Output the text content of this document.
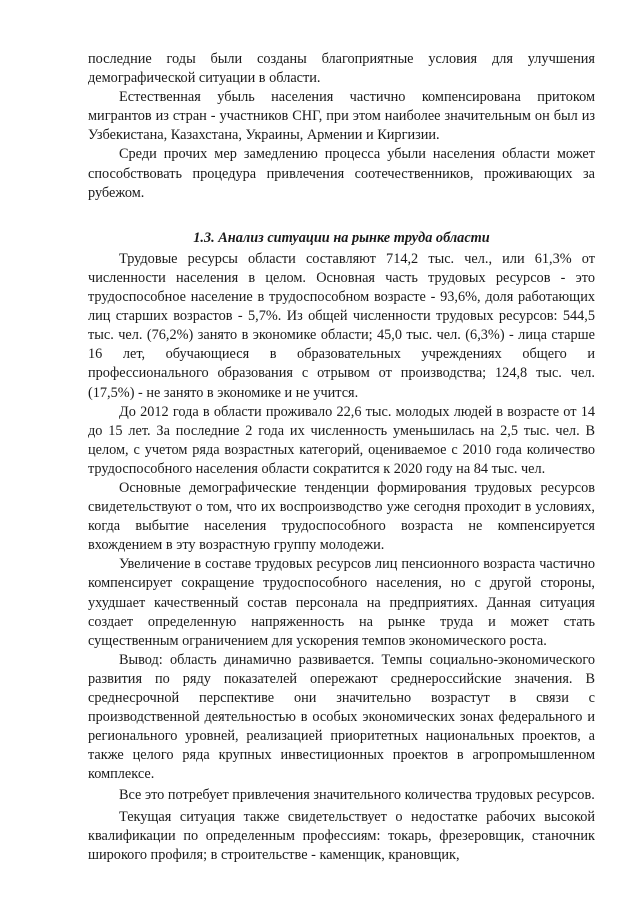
последние годы были созданы благоприятные условия для улучшения демографической ситуации в области.

Естественная убыль населения частично компенсирована притоком мигрантов из стран - участников СНГ, при этом наиболее значительным он был из Узбекистана, Казахстана, Украины, Армении и Киргизии.

Среди прочих мер замедлению процесса убыли населения области может способствовать процедура привлечения соотечественников, проживающих за рубежом.

1.3. Анализ ситуации на рынке труда области

Трудовые ресурсы области составляют 714,2 тыс. чел., или 61,3% от численности населения в целом. Основная часть трудовых ресурсов - это трудоспособное население в трудоспособном возрасте - 93,6%, доля работающих лиц старших возрастов - 5,7%. Из общей численности трудовых ресурсов: 544,5 тыс. чел. (76,2%) занято в экономике области; 45,0 тыс. чел. (6,3%) - лица старше 16 лет, обучающиеся в образовательных учреждениях общего и профессионального образования с отрывом от производства; 124,8 тыс. чел. (17,5%) - не занято в экономике и не учится.

До 2012 года в области проживало 22,6 тыс. молодых людей в возрасте от 14 до 15 лет. За последние 2 года их численность уменьшилась на 2,5 тыс. чел. В целом, с учетом ряда возрастных категорий, оцениваемое с 2010 года количество трудоспособного населения области сократится к 2020 году на 84 тыс. чел.

Основные демографические тенденции формирования трудовых ресурсов свидетельствуют о том, что их воспроизводство уже сегодня проходит в условиях, когда выбытие населения трудоспособного возраста не компенсируется вхождением в эту возрастную группу молодежи.

Увеличение в составе трудовых ресурсов лиц пенсионного возраста частично компенсирует сокращение трудоспособного населения, но с другой стороны, ухудшает качественный состав персонала на предприятиях. Данная ситуация создает определенную напряженность на рынке труда и может стать существенным ограничением для ускорения темпов экономического роста.

Вывод: область динамично развивается. Темпы социально-экономического развития по ряду показателей опережают среднероссийские значения. В среднесрочной перспективе они значительно возрастут в связи с производственной деятельностью в особых экономических зонах федерального и регионального уровней, реализацией приоритетных национальных проектов, а также целого ряда крупных инвестиционных проектов в агропромышленном комплексе.

Все это потребует привлечения значительного количества трудовых ресурсов.

Текущая ситуация также свидетельствует о недостатке рабочих высокой квалификации по определенным профессиям: токарь, фрезеровщик, станочник широкого профиля; в строительстве - каменщик, крановщик,
